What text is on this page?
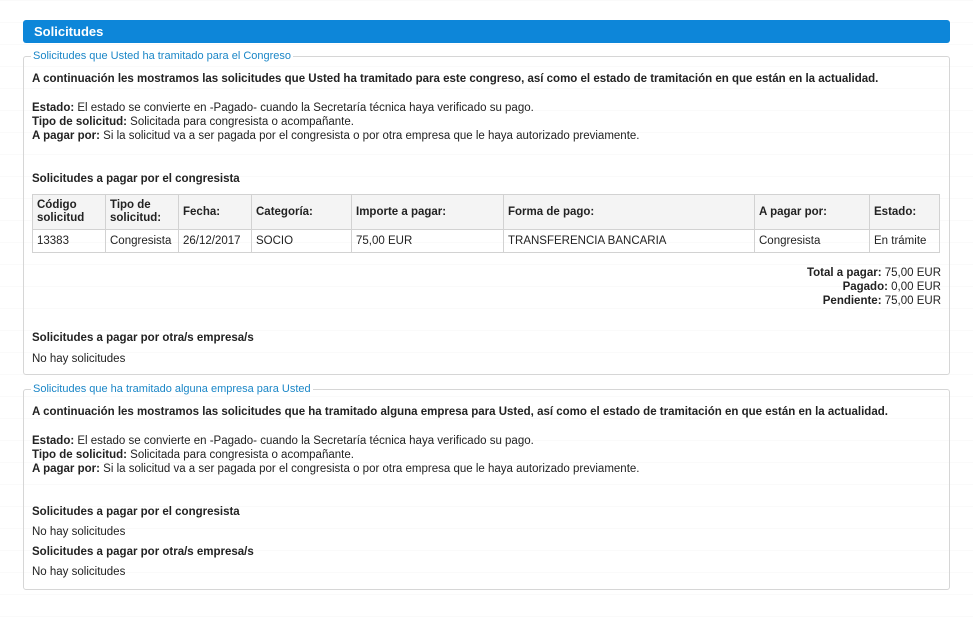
Solicitudes
Solicitudes que Usted ha tramitado para el Congreso

A continuación les mostramos las solicitudes que Usted ha tramitado para este congreso, así como el estado de tramitación en que están en la actualidad.

Estado: El estado se convierte en -Pagado- cuando la Secretaría técnica haya verificado su pago.
Tipo de solicitud: Solicitada para congresista o acompañante.
A pagar por: Si la solicitud va a ser pagada por el congresista o por otra empresa que le haya autorizado previamente.
Solicitudes a pagar por el congresista
Código solicitud	Tipo de solicitud:	Fecha:	Categoría:	Importe a pagar:	Forma de pago:	A pagar por:	Estado:
13383	Congresista	26/12/2017	SOCIO	75,00 EUR	TRANSFERENCIA BANCARIA	Congresista	En trámite
Total a pagar: 75,00 EUR
Pagado: 0,00 EUR
Pendiente: 75,00 EUR
Solicitudes a pagar por otra/s empresa/s
No hay solicitudes
Solicitudes que ha tramitado alguna empresa para Usted

A continuación les mostramos las solicitudes que ha tramitado alguna empresa para Usted, así como el estado de tramitación en que están en la actualidad.

Estado: El estado se convierte en -Pagado- cuando la Secretaría técnica haya verificado su pago.
Tipo de solicitud: Solicitada para congresista o acompañante.
A pagar por: Si la solicitud va a ser pagada por el congresista o por otra empresa que le haya autorizado previamente.
Solicitudes a pagar por el congresista
No hay solicitudes
Solicitudes a pagar por otra/s empresa/s
No hay solicitudes
